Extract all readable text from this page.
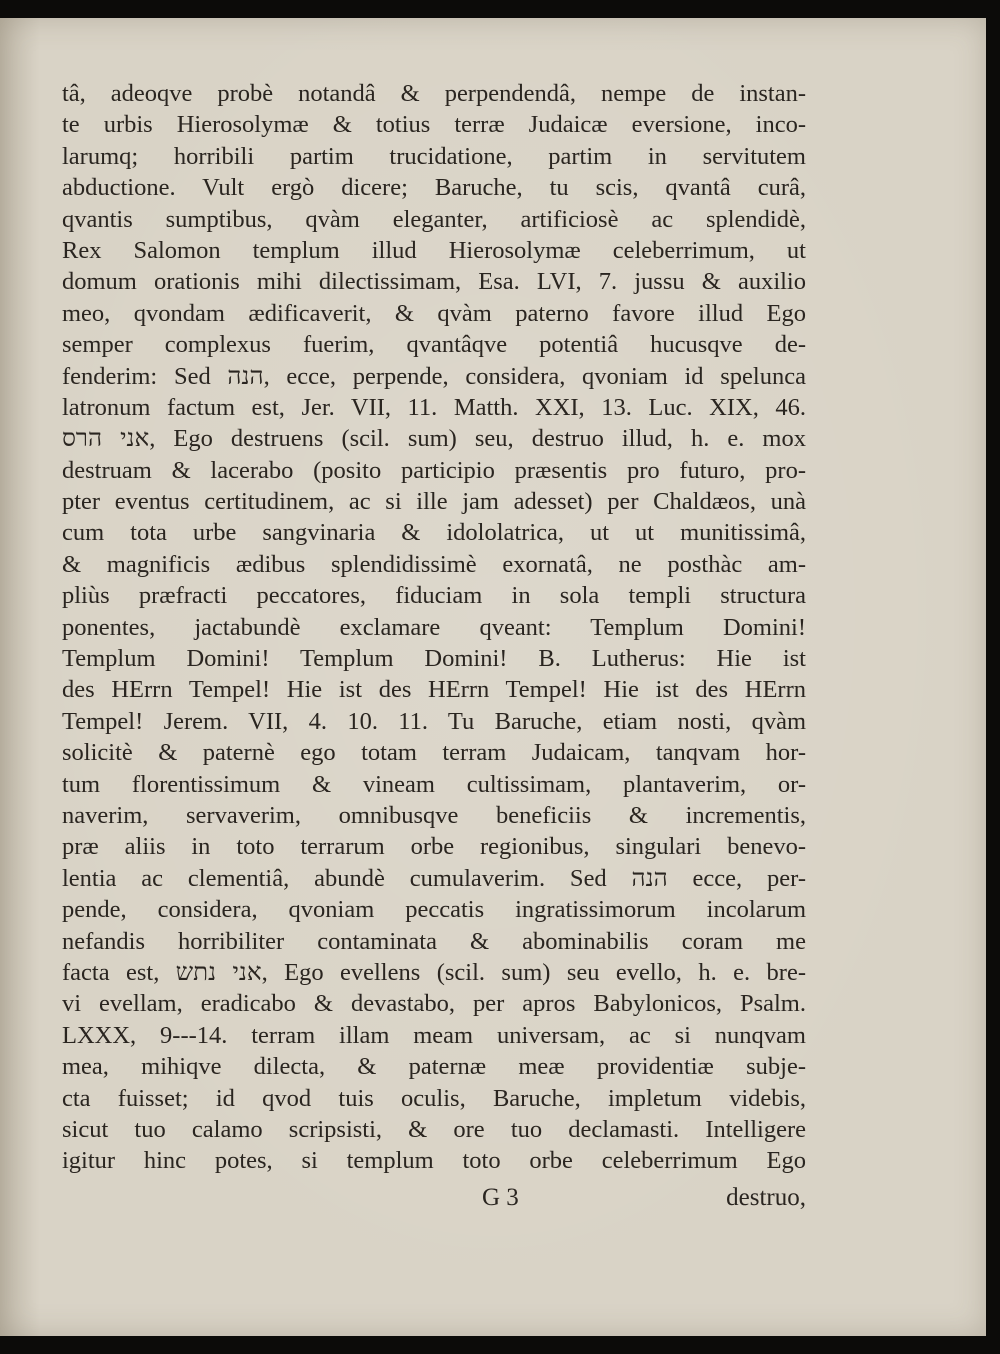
tâ, adeoqve probè notandâ & perpendendâ, nempe de instan-
te urbis Hierosolymæ & totius terræ Judaicæ eversione, inco-
larumq; horribili partim trucidatione, partim in servitutem
abductione. Vult ergò dicere; Baruche, tu scis, qvantâ curâ,
qvantis sumptibus, qvàm eleganter, artificiosè ac splendidè,
Rex Salomon templum illud Hierosolymæ celeberrimum, ut
domum orationis mihi dilectissimam, Esa. LVI, 7. jussu & auxilio
meo, qvondam ædificaverit, & qvàm paterno favore illud Ego
semper complexus fuerim, qvantâqve potentiâ hucusqve de-
fenderim: Sed הנה, ecce, perpende, considera, qvoniam id spelunca
latronum factum est, Jer. VII, 11. Matth. XXI, 13. Luc. XIX, 46.
אני הרס, Ego destruens (scil. sum) seu, destruo illud, h. e. mox
destruam & lacerabo (posito participio præsentis pro futuro, pro-
pter eventus certitudinem, ac si ille jam adesset) per Chaldæos, unà
cum tota urbe sangvinaria & idololatrica, ut ut munitissimâ,
& magnificis ædibus splendidissimè exornatâ, ne posthàc am-
pliùs præfracti peccatores, fiduciam in sola templi structura
ponentes, jactabundè exclamare qveant: Templum Domini!
Templum Domini! Templum Domini! B. Lutherus: Hie ist
des HErrn Tempel! Hie ist des HErrn Tempel! Hie ist des HErrn
Tempel! Jerem. VII, 4. 10. 11. Tu Baruche, etiam nosti, qvàm
solicitè & paternè ego totam terram Judaicam, tanqvam hor-
tum florentissimum & vineam cultissimam, plantaverim, or-
naverim, servaverim, omnibusqve beneficiis & incrementis,
præ aliis in toto terrarum orbe regionibus, singulari benevo-
lentia ac clementiâ, abundè cumulaverim. Sed הנה ecce, per-
pende, considera, qvoniam peccatis ingratissimorum incolarum
nefandis horribiliter contaminata & abominabilis coram me
facta est, אני נתש, Ego evellens (scil. sum) seu evello, h. e. bre-
vi evellam, eradicabo & devastabo, per apros Babylonicos, Psalm.
LXXX, 9---14. terram illam meam universam, ac si nunqvam
mea, mihiqve dilecta, & paternæ meæ providentiæ subje-
cta fuisset; id qvod tuis oculis, Baruche, impletum videbis,
sicut tuo calamo scripsisti, & ore tuo declamasti. Intelligere
igitur hinc potes, si templum toto orbe celeberrimum Ego
G 3	destruo,
